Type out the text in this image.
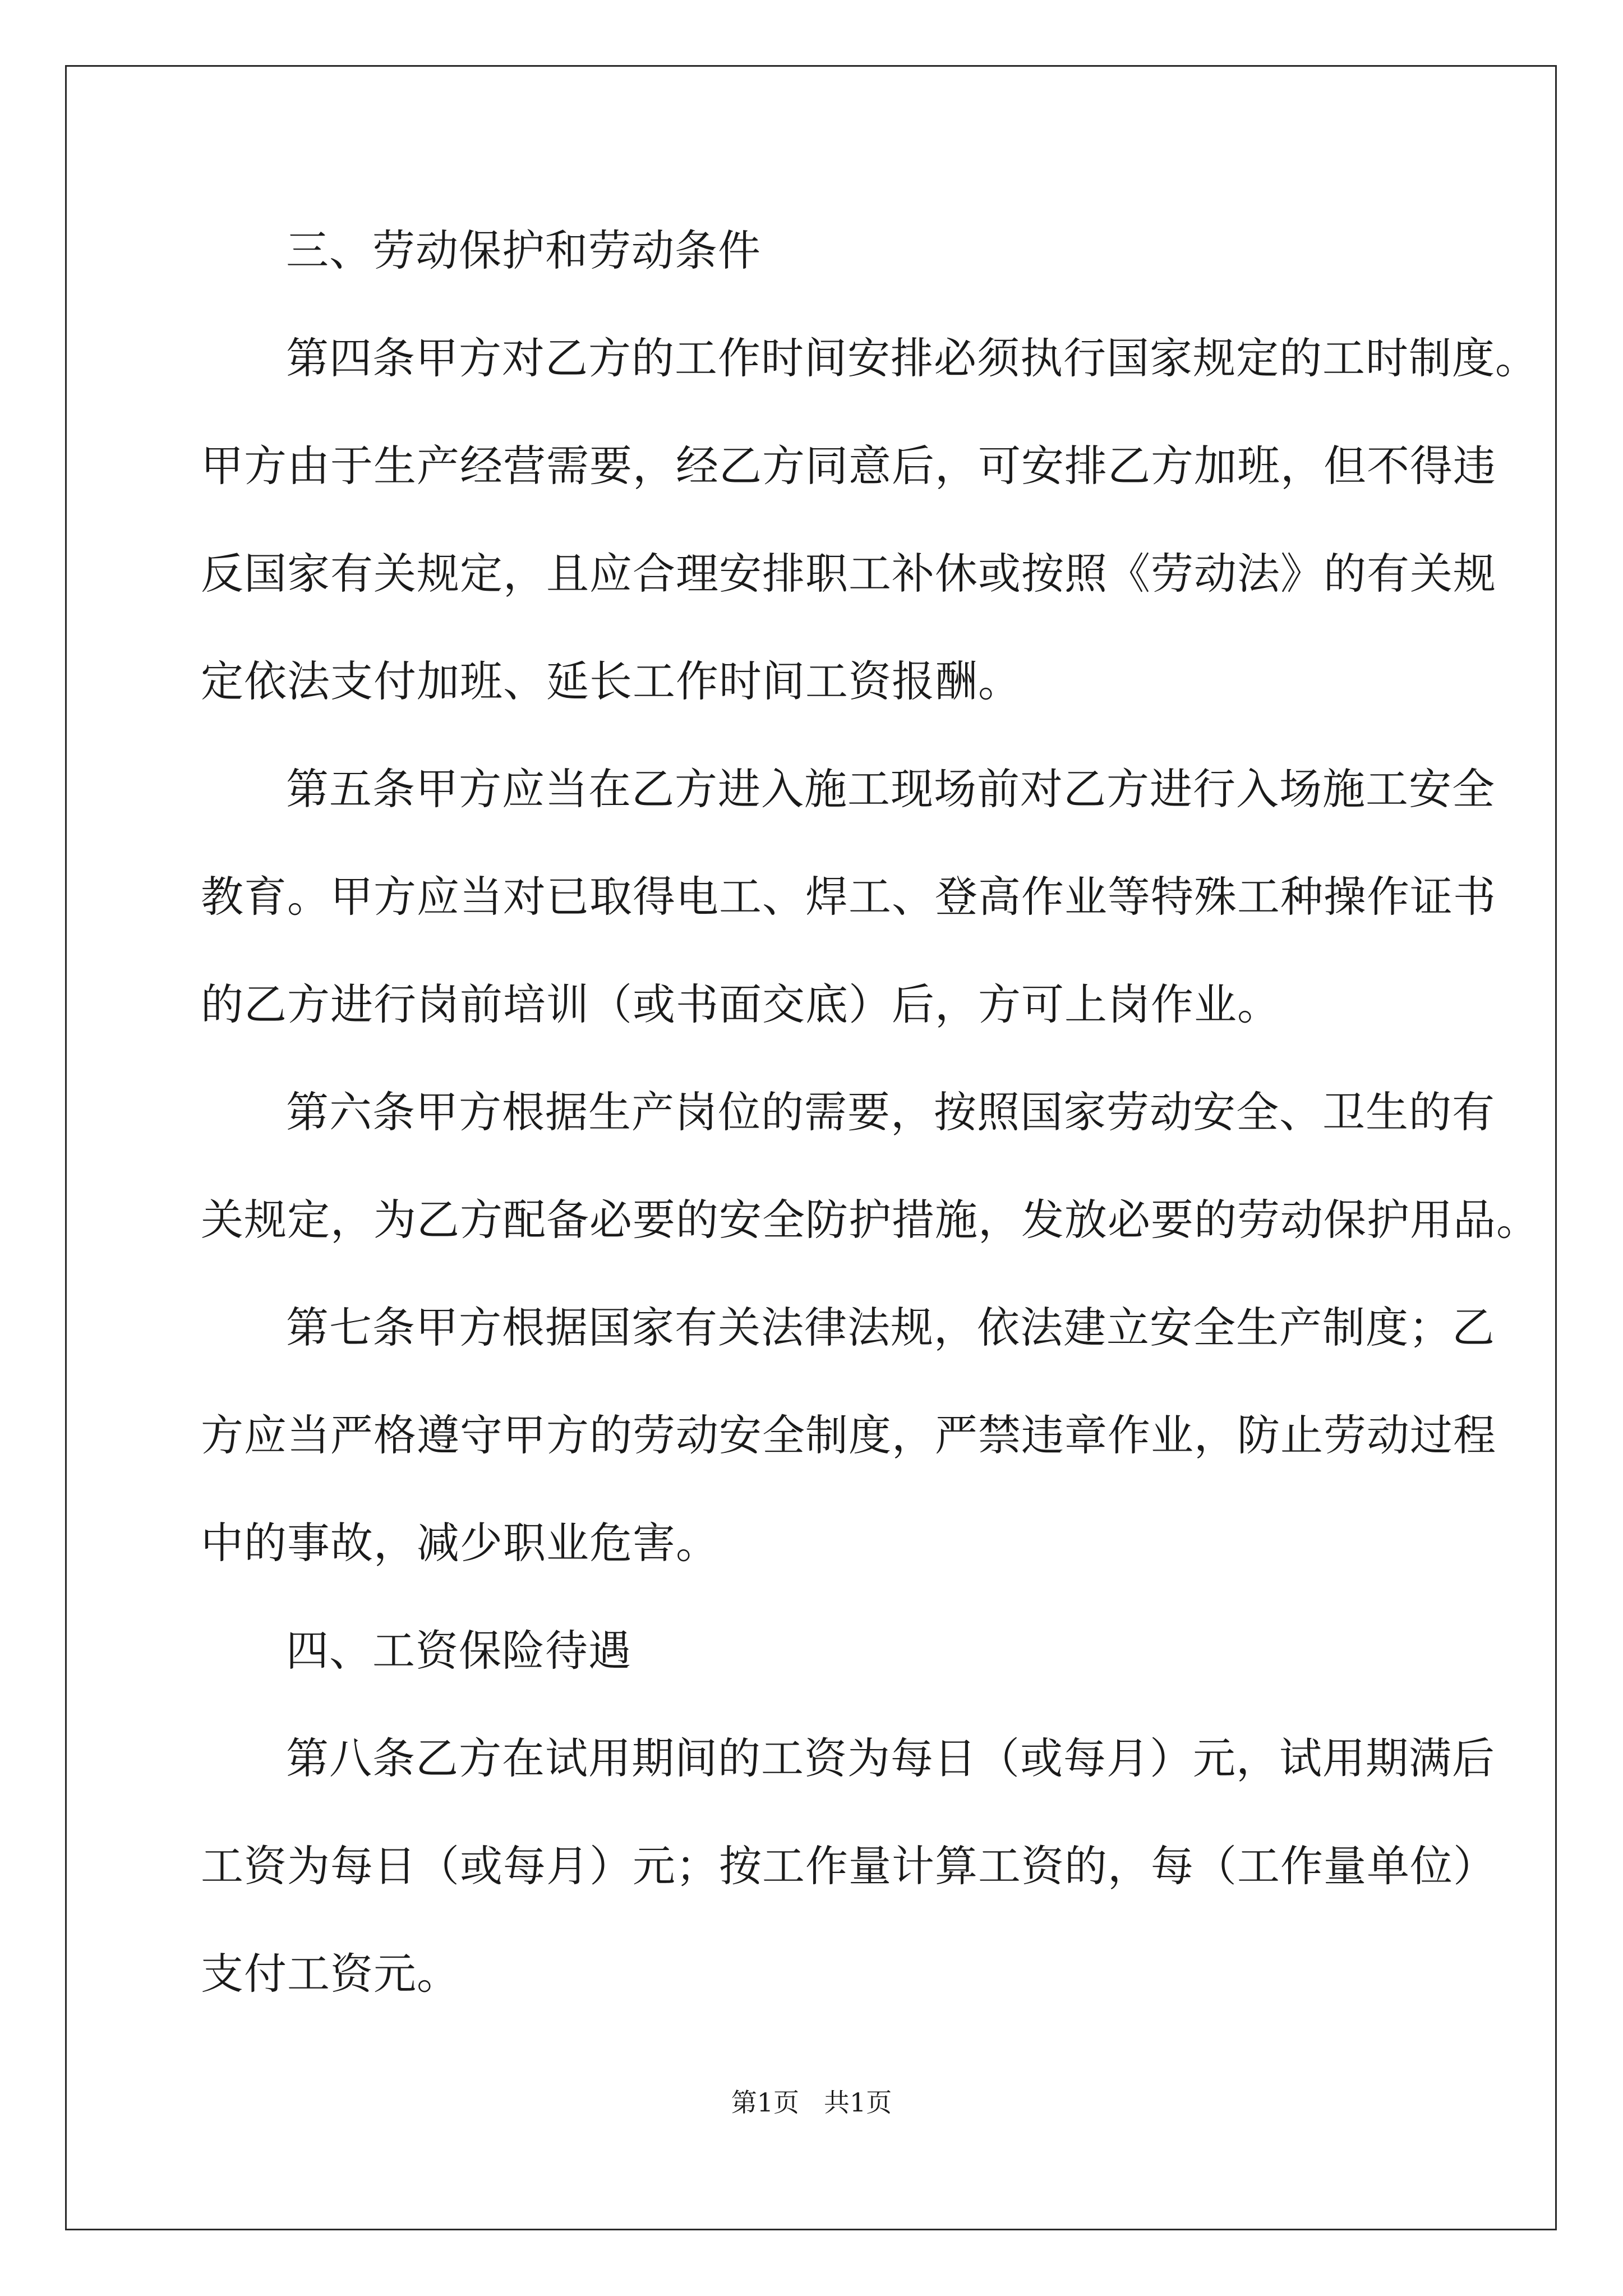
三、劳动保护和劳动条件
第四条甲方对乙方的工作时间安排必须执行国家规定的工时制度。
甲方由于生产经营需要，经乙方同意后，可安排乙方加班，但不得违
反国家有关规定，且应合理安排职工补休或按照《劳动法》的有关规
定依法支付加班、延长工作时间工资报酬。
第五条甲方应当在乙方进入施工现场前对乙方进行入场施工安全
教育。甲方应当对已取得电工、焊工、登高作业等特殊工种操作证书
的乙方进行岗前培训（或书面交底）后，方可上岗作业。
第六条甲方根据生产岗位的需要，按照国家劳动安全、卫生的有
关规定，为乙方配备必要的安全防护措施，发放必要的劳动保护用品。
第七条甲方根据国家有关法律法规，依法建立安全生产制度；乙
方应当严格遵守甲方的劳动安全制度，严禁违章作业，防止劳动过程
中的事故，减少职业危害。
四、工资保险待遇
第八条乙方在试用期间的工资为每日（或每月）元，试用期满后
工资为每日（或每月）元；按工作量计算工资的，每（工作量单位）
支付工资元。
第1页 共1页
